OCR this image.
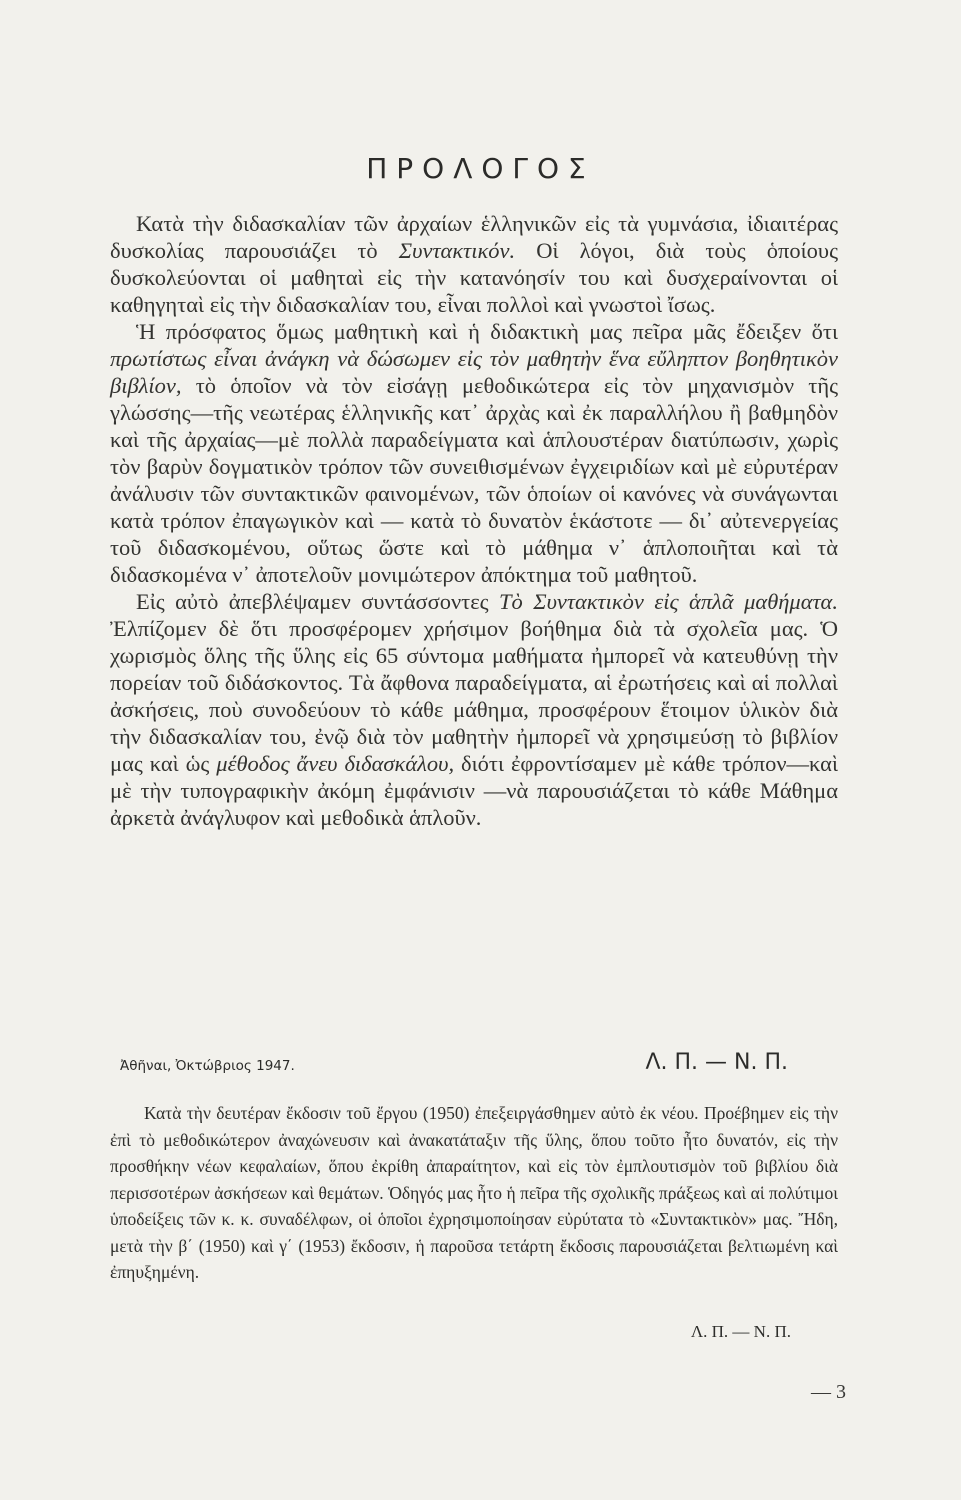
ΠΡΟΛΟΓΟΣ

Κατὰ τὴν διδασκαλίαν τῶν ἀρχαίων ἑλληνικῶν εἰς τὰ γυμνάσια, ἰδιαιτέρας δυσκολίας παρουσιάζει τὸ Συντακτικόν. Οἱ λόγοι, διὰ τοὺς ὁποίους δυσκολεύονται οἱ μαθηταὶ εἰς τὴν κατανόησίν του καὶ δυσχεραίνονται οἱ καθηγηταὶ εἰς τὴν διδασκαλίαν του, εἶναι πολλοὶ καὶ γνωστοὶ ἴσως.

Ἡ πρόσφατος ὅμως μαθητικὴ καὶ ἡ διδακτικὴ μας πεῖρα μᾶς ἔδειξεν ὅτι πρωτίστως εἶναι ἀνάγκη νὰ δώσωμεν εἰς τὸν μαθητὴν ἕνα εὔληπτον βοηθητικὸν βιβλίον, τὸ ὁποῖον νὰ τὸν εἰσάγῃ μεθοδικώτερα εἰς τὸν μηχανισμὸν τῆς γλώσσης—τῆς νεωτέρας ἑλληνικῆς κατ᾽ ἀρχὰς καὶ ἐκ παραλλήλου ἢ βαθμηδὸν καὶ τῆς ἀρχαίας—μὲ πολλὰ παραδείγματα καὶ ἁπλουστέραν διατύπωσιν, χωρὶς τὸν βαρὺν δογματικὸν τρόπον τῶν συνειθισμένων ἐγχειριδίων καὶ μὲ εὐρυτέραν ἀνάλυσιν τῶν συντακτικῶν φαινομένων, τῶν ὁποίων οἱ κανόνες νὰ συνάγωνται κατὰ τρόπον ἐπαγωγικὸν καὶ — κατὰ τὸ δυνατὸν ἑκάστοτε — δι᾽ αὐτενεργείας τοῦ διδασκομένου, οὕτως ὥστε καὶ τὸ μάθημα ν᾽ ἁπλοποιῆται καὶ τὰ διδασκομένα ν᾽ ἀποτελοῦν μονιμώτερον ἀπόκτημα τοῦ μαθητοῦ.

Εἰς αὐτὸ ἀπεβλέψαμεν συντάσσοντες Τὸ Συντακτικὸν εἰς ἁπλᾶ μαθήματα. Ἐλπίζομεν δὲ ὅτι προσφέρομεν χρήσιμον βοήθημα διὰ τὰ σχολεῖα μας. Ὁ χωρισμὸς ὅλης τῆς ὕλης εἰς 65 σύντομα μαθήματα ἠμπορεῖ νὰ κατευθύνῃ τὴν πορείαν τοῦ διδάσκοντος. Τὰ ἄφθονα παραδείγματα, αἱ ἐρωτήσεις καὶ αἱ πολλαὶ ἀσκήσεις, ποὺ συνοδεύουν τὸ κάθε μάθημα, προσφέρουν ἕτοιμον ὑλικὸν διὰ τὴν διδασκαλίαν του, ἐνῷ διὰ τὸν μαθητὴν ἠμπορεῖ νὰ χρησιμεύσῃ τὸ βιβλίον μας καὶ ὡς μέθοδος ἄνευ διδασκάλου, διότι ἐφροντίσαμεν μὲ κάθε τρόπον—καὶ μὲ τὴν τυπογραφικὴν ἀκόμη ἐμφάνισιν —νὰ παρουσιάζεται τὸ κάθε Μάθημα ἀρκετὰ ἀνάγλυφον καὶ μεθοδικὰ ἁπλοῦν.

Ἀθῆναι, Ὀκτώβριος 1947.	Λ. Π. — Ν. Π.

Κατὰ τὴν δευτέραν ἔκδοσιν τοῦ ἔργου (1950) ἐπεξειργάσθημεν αὐτὸ ἐκ νέου. Προέβημεν εἰς τὴν ἐπὶ τὸ μεθοδικώτερον ἀναχώνευσιν καὶ ἀνακατάταξιν τῆς ὕλης, ὅπου τοῦτο ἦτο δυνατόν, εἰς τὴν προσθήκην νέων κεφαλαίων, ὅπου ἐκρίθη ἀπαραίτητον, καὶ εἰς τὸν ἐμπλουτισμὸν τοῦ βιβλίου διὰ περισσοτέρων ἀσκήσεων καὶ θεμάτων. Ὁδηγός μας ἦτο ἡ πεῖρα τῆς σχολικῆς πράξεως καὶ αἱ πολύτιμοι ὑποδείξεις τῶν κ. κ. συναδέλφων, οἱ ὁποῖοι ἐχρησιμοποίησαν εὐρύτατα τὸ «Συντακτικὸν» μας. Ἤδη, μετὰ τὴν β΄ (1950) καὶ γ΄ (1953) ἔκδοσιν, ἡ παροῦσα τετάρτη ἔκδοσις παρουσιάζεται βελτιωμένη καὶ ἐπηυξημένη.

Λ. Π. — Ν. Π.
— 3
